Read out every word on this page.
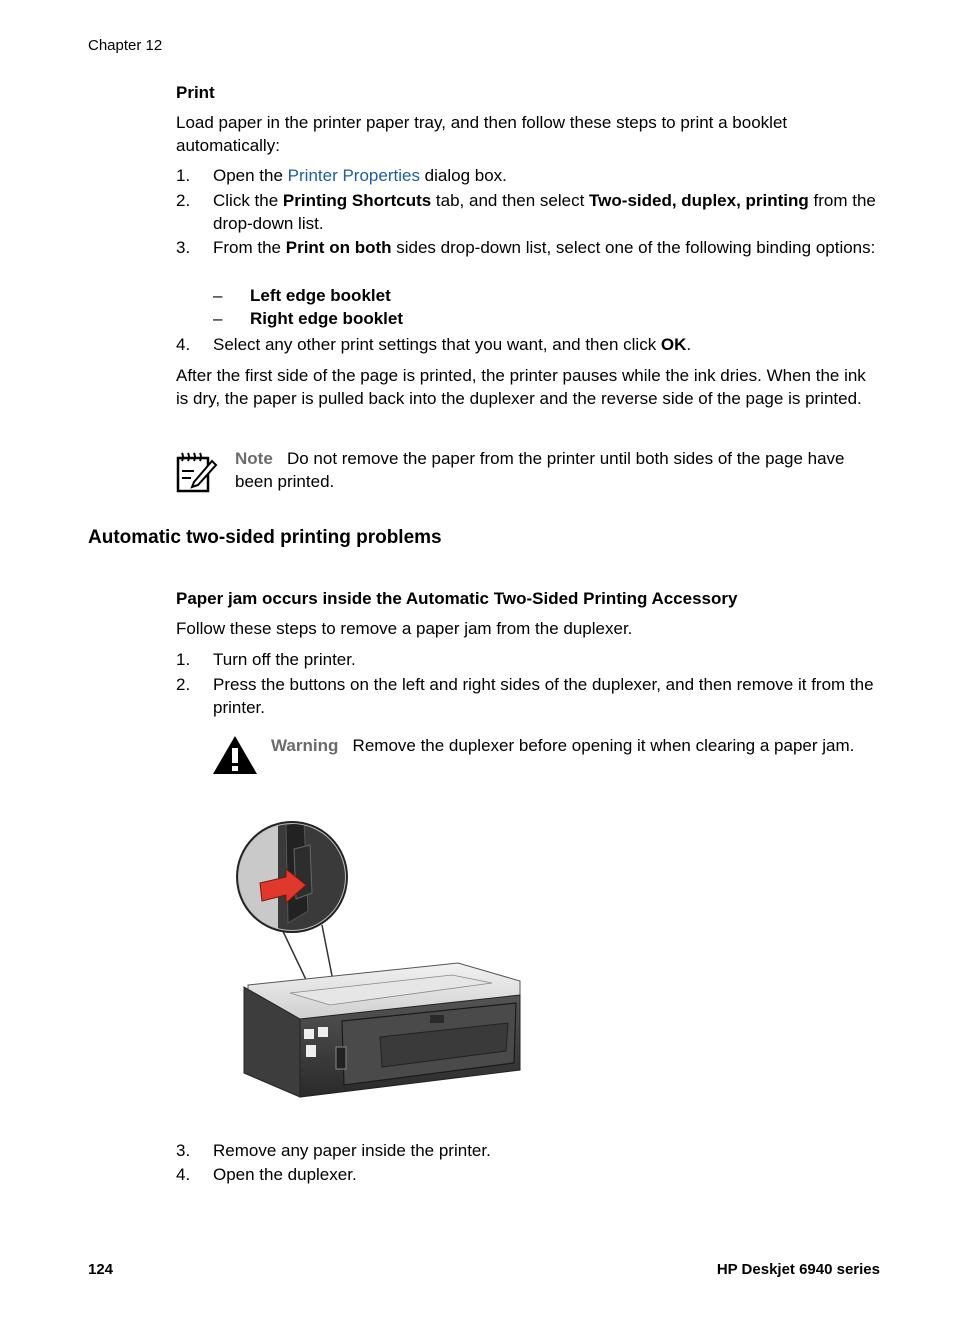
Chapter 12
Print
Load paper in the printer paper tray, and then follow these steps to print a booklet automatically:
1. Open the Printer Properties dialog box.
2. Click the Printing Shortcuts tab, and then select Two-sided, duplex, printing from the drop-down list.
3. From the Print on both sides drop-down list, select one of the following binding options:
– Left edge booklet
– Right edge booklet
4. Select any other print settings that you want, and then click OK.
After the first side of the page is printed, the printer pauses while the ink dries. When the ink is dry, the paper is pulled back into the duplexer and the reverse side of the page is printed.
Note Do not remove the paper from the printer until both sides of the page have been printed.
Automatic two-sided printing problems
Paper jam occurs inside the Automatic Two-Sided Printing Accessory
Follow these steps to remove a paper jam from the duplexer.
1. Turn off the printer.
2. Press the buttons on the left and right sides of the duplexer, and then remove it from the printer.
Warning Remove the duplexer before opening it when clearing a paper jam.
3. Remove any paper inside the printer.
4. Open the duplexer.
124	HP Deskjet 6940 series
